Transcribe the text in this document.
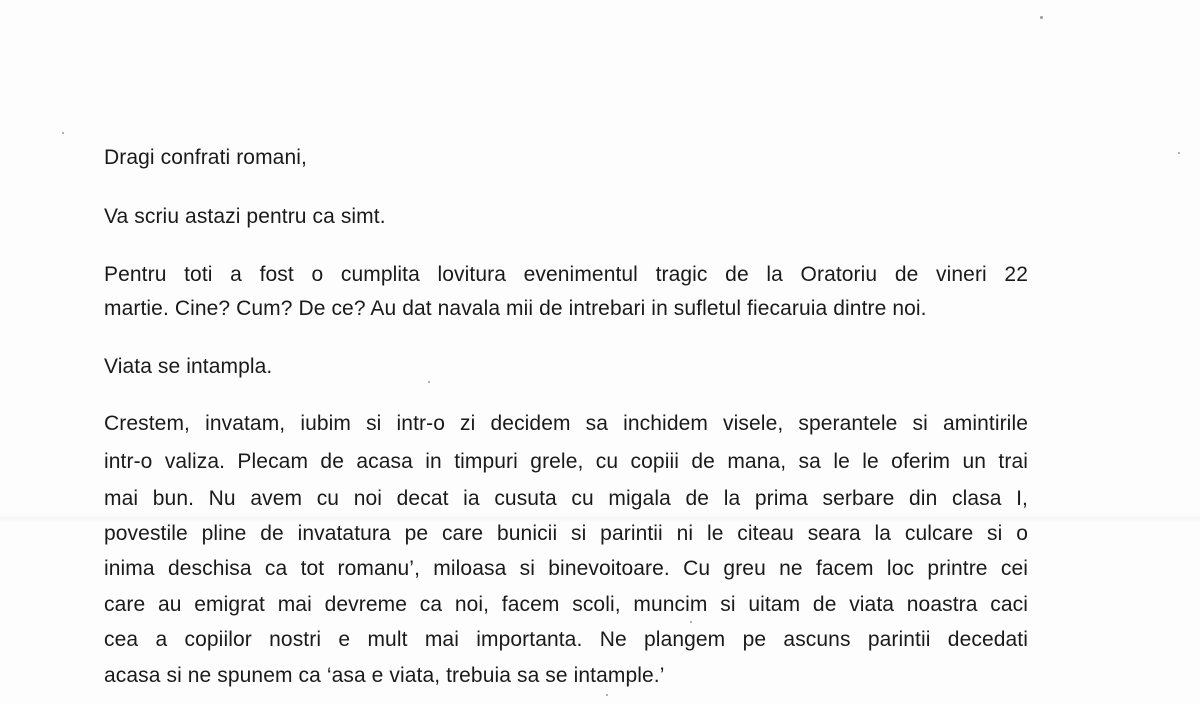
Dragi confrati romani,
Va scriu astazi pentru ca simt.
Pentru toti a fost o cumplita lovitura evenimentul tragic de la Oratoriu de vineri 22
martie. Cine? Cum? De ce? Au dat navala mii de intrebari in sufletul fiecaruia dintre noi.
Viata se intampla.
Crestem, invatam, iubim si intr-o zi decidem sa inchidem visele, sperantele si amintirile
intr-o valiza. Plecam de acasa in timpuri grele, cu copiii de mana, sa le le oferim un trai
mai bun. Nu avem cu noi decat ia cusuta cu migala de la prima serbare din clasa I,
povestile pline de invatatura pe care bunicii si parintii ni le citeau seara la culcare si o
inima deschisa ca tot romanu’, miloasa si binevoitoare. Cu greu ne facem loc printre cei
care au emigrat mai devreme ca noi, facem scoli, muncim si uitam de viata noastra caci
cea a copiilor nostri e mult mai importanta. Ne plangem pe ascuns parintii decedati
acasa si ne spunem ca ‘asa e viata, trebuia sa se intample.’
